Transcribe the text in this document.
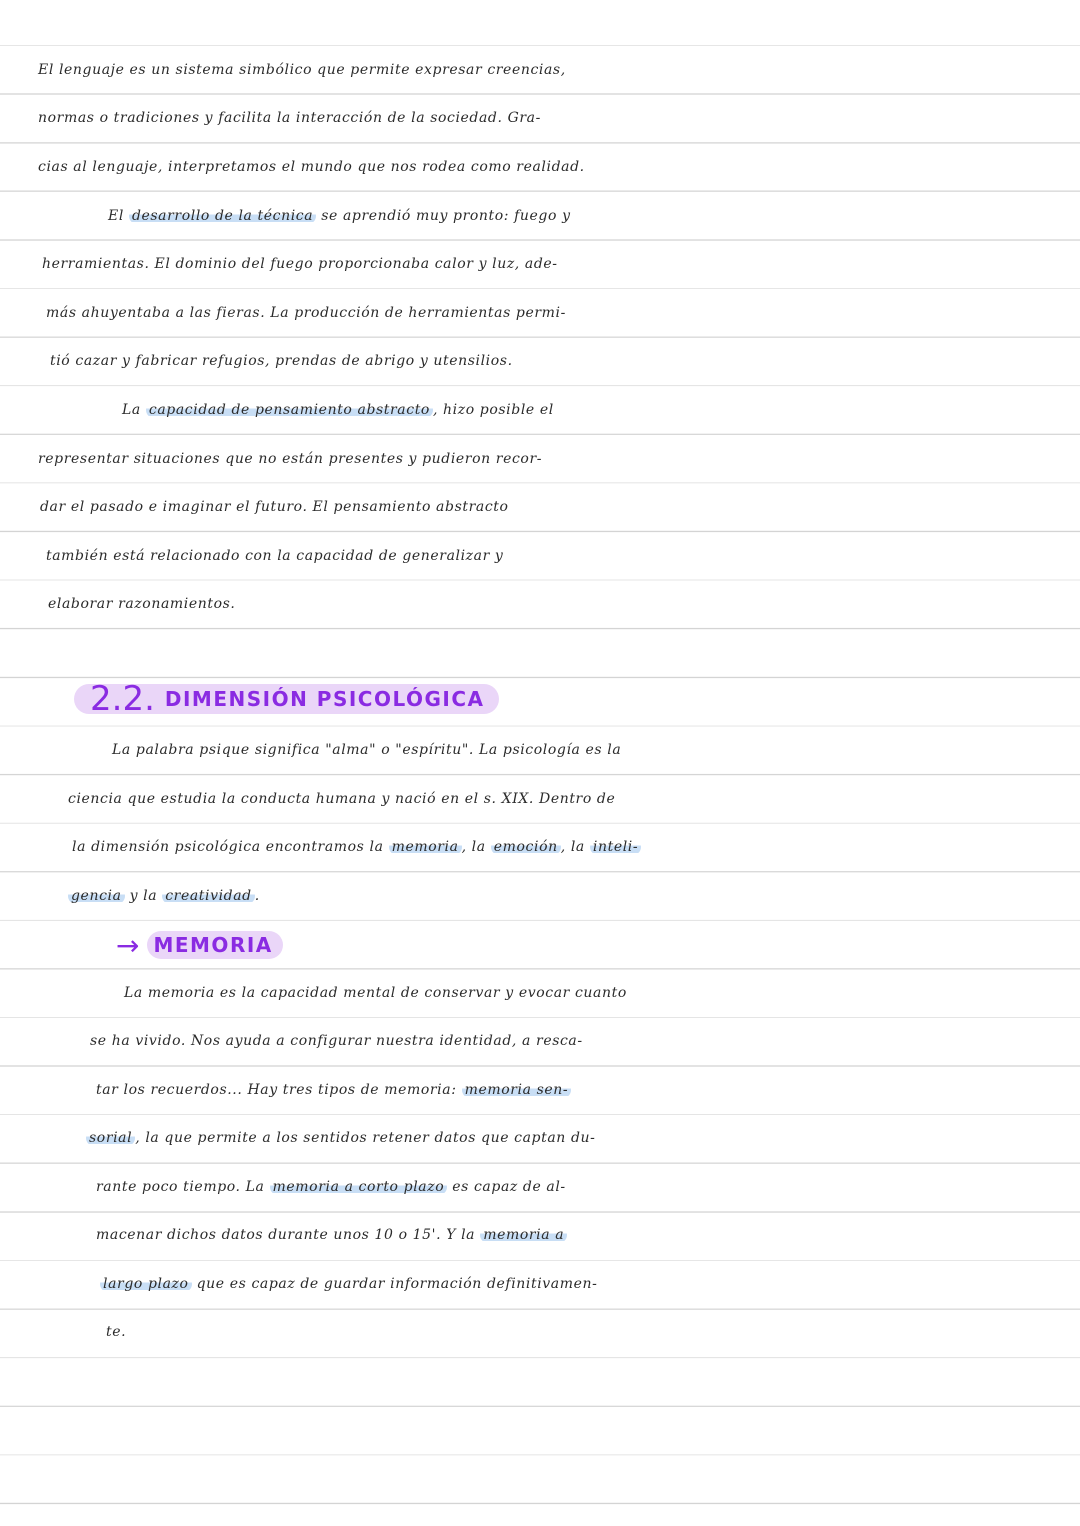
El lenguaje es un sistema simbólico que permite expresar creencias,
normas o tradiciones y facilita la interacción de la sociedad. Gra-
cias al lenguaje, interpretamos el mundo que nos rodea como realidad.
El desarrollo de la técnica se aprendió muy pronto: fuego y
herramientas. El dominio del fuego proporcionaba calor y luz, ade-
más ahuyentaba a las fieras. La producción de herramientas permi-
tió cazar y fabricar refugios, prendas de abrigo y utensilios.
La capacidad de pensamiento abstracto , hizo posible el
representar situaciones que no están presentes y pudieron recor-
dar el pasado e imaginar el futuro. El pensamiento abstracto
también está relacionado con la capacidad de generalizar y
elaborar razonamientos.
2.2. DIMENSIÓN PSICOLÓGICA
La palabra psique significa "alma" o "espíritu". La psicología es la
ciencia que estudia la conducta humana y nació en el s. XIX. Dentro de
la dimensión psicológica encontramos la memoria , la emoción , la inteli-
gencia y la creatividad .
→ MEMORIA
La memoria es la capacidad mental de conservar y evocar cuanto
se ha vivido. Nos ayuda a configurar nuestra identidad, a resca-
tar los recuerdos... Hay tres tipos de memoria: memoria sen-
sorial , la que permite a los sentidos retener datos que captan du-
rante poco tiempo. La memoria a corto plazo es capaz de al-
macenar dichos datos durante unos 10 o 15'. Y la memoria a
largo plazo que es capaz de guardar información definitivamen-
te.
